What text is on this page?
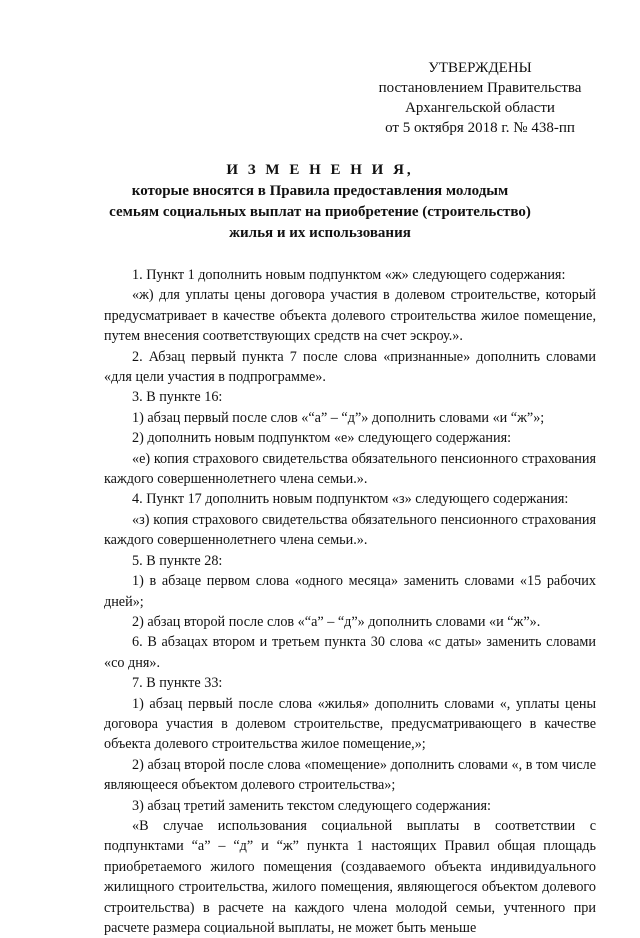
УТВЕРЖДЕНЫ
постановлением Правительства
Архангельской области
от 5 октября 2018 г. № 438-пп
И З М Е Н Е Н И Я,
которые вносятся в Правила предоставления молодым
семьям социальных выплат на приобретение (строительство)
жилья и их использования

1. Пункт 1 дополнить новым подпунктом «ж» следующего содержания:

«ж) для уплаты цены договора участия в долевом строительстве, который предусматривает в качестве объекта долевого строительства жилое помещение, путем внесения соответствующих средств на счет эскроу.».

2. Абзац первый пункта 7 после слова «признанные» дополнить словами «для цели участия в подпрограмме».

3. В пункте 16:

1) абзац первый после слов «“а” – “д”» дополнить словами «и “ж”»;

2) дополнить новым подпунктом «е» следующего содержания:

«е) копия страхового свидетельства обязательного пенсионного страхования каждого совершеннолетнего члена семьи.».

4. Пункт 17 дополнить новым подпунктом «з» следующего содержания:

«з) копия страхового свидетельства обязательного пенсионного страхования каждого совершеннолетнего члена семьи.».

5. В пункте 28:

1) в абзаце первом слова «одного месяца» заменить словами «15 рабочих дней»;

2) абзац второй после слов «“а” – “д”» дополнить словами «и “ж”».

6. В абзацах втором и третьем пункта 30 слова «с даты» заменить словами «со дня».

7. В пункте 33:

1) абзац первый после слова «жилья» дополнить словами «, уплаты цены договора участия в долевом строительстве, предусматривающего в качестве объекта долевого строительства жилое помещение,»;

2) абзац второй после слова «помещение» дополнить словами «, в том числе являющееся объектом долевого строительства»;

3) абзац третий заменить текстом следующего содержания:

«В случае использования социальной выплаты в соответствии с подпунктами “а” – “д” и “ж” пункта 1 настоящих Правил общая площадь приобретаемого жилого помещения (создаваемого объекта индивидуального жилищного строительства, жилого помещения, являющегося объектом долевого строительства) в расчете на каждого члена молодой семьи, учтенного при расчете размера социальной выплаты, не может быть меньше
